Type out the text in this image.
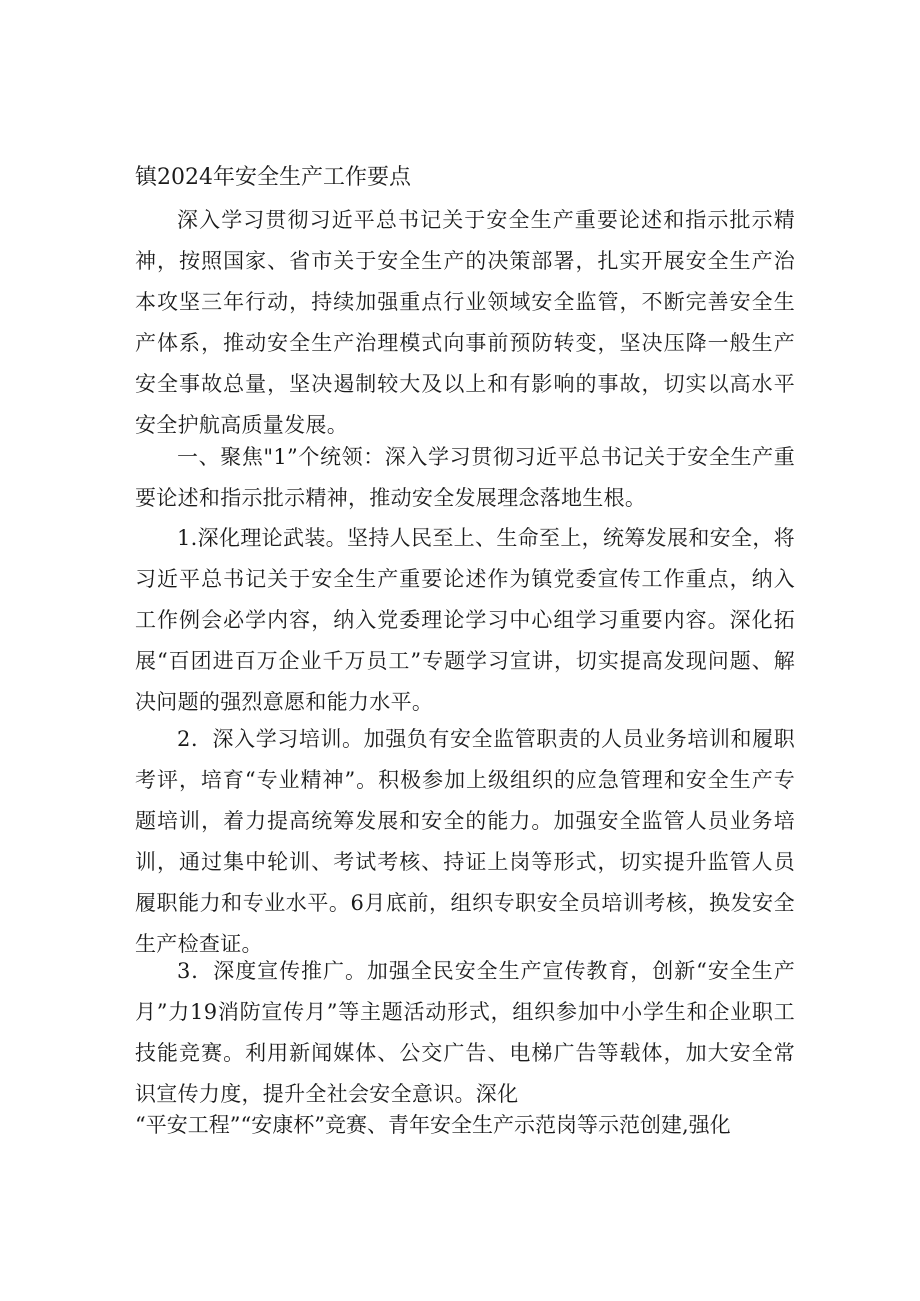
镇2024年安全生产工作要点

深入学习贯彻习近平总书记关于安全生产重要论述和指示批示精神，按照国家、省市关于安全生产的决策部署，扎实开展安全生产治本攻坚三年行动，持续加强重点行业领域安全监管，不断完善安全生产体系，推动安全生产治理模式向事前预防转变，坚决压降一般生产安全事故总量，坚决遏制较大及以上和有影响的事故，切实以高水平安全护航高质量发展。

一、聚焦"1”个统领：深入学习贯彻习近平总书记关于安全生产重要论述和指示批示精神，推动安全发展理念落地生根。

1.深化理论武装。坚持人民至上、生命至上，统筹发展和安全，将习近平总书记关于安全生产重要论述作为镇党委宣传工作重点，纳入工作例会必学内容，纳入党委理论学习中心组学习重要内容。深化拓展“百团进百万企业千万员工”专题学习宣讲，切实提高发现问题、解决问题的强烈意愿和能力水平。

2．深入学习培训。加强负有安全监管职责的人员业务培训和履职考评，培育“专业精神”。积极参加上级组织的应急管理和安全生产专题培训，着力提高统筹发展和安全的能力。加强安全监管人员业务培训，通过集中轮训、考试考核、持证上岗等形式，切实提升监管人员履职能力和专业水平。6月底前，组织专职安全员培训考核，换发安全生产检查证。

3．深度宣传推广。加强全民安全生产宣传教育，创新“安全生产月”力19消防宣传月”等主题活动形式，组织参加中小学生和企业职工技能竞赛。利用新闻媒体、公交广告、电梯广告等载体，加大安全常识宣传力度，提升全社会安全意识。深化

“平安工程”“安康杯”竞赛、青年安全生产示范岗等示范创建,强化
